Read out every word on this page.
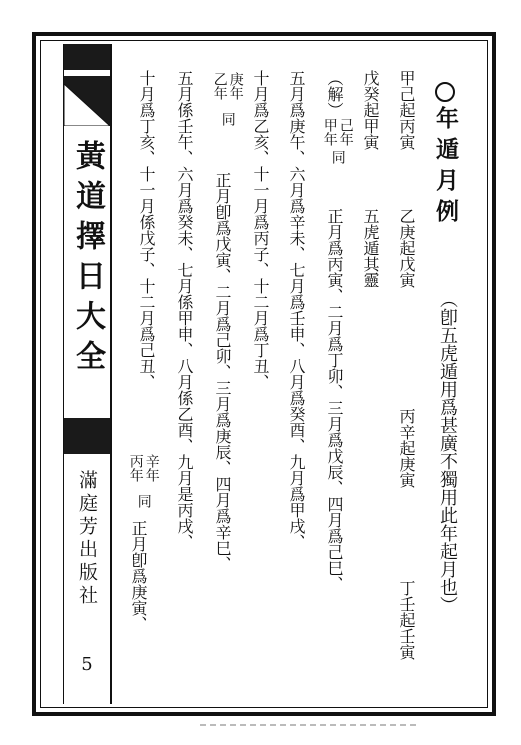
黃道擇日大全
滿庭芳出版社
5
年遁月例
（卽五虎遁用爲甚廣不獨用此年起月也）
甲己起丙寅
乙庚起戊寅
丙辛起庚寅
丁壬起壬寅
戊癸起甲寅
五虎遁其靈
（解）
甲年 己年
同
正月爲丙寅、二月爲丁卯、三月爲戊辰、四月爲己巳、
五月爲庚午、六月爲辛未、七月爲壬申、八月爲癸酉、九月爲甲戌、
十月爲乙亥、十一月爲丙子、十二月爲丁丑、
乙年 庚年
同
正月卽爲戊寅、二月爲己卯、三月爲庚辰、四月爲辛巳、
五月係壬午、六月爲癸未、七月係甲申、八月係乙酉、九月是丙戌、
十月爲丁亥、十一月係戊子、十二月爲己丑、
丙年 辛年
同
正月卽爲庚寅、
